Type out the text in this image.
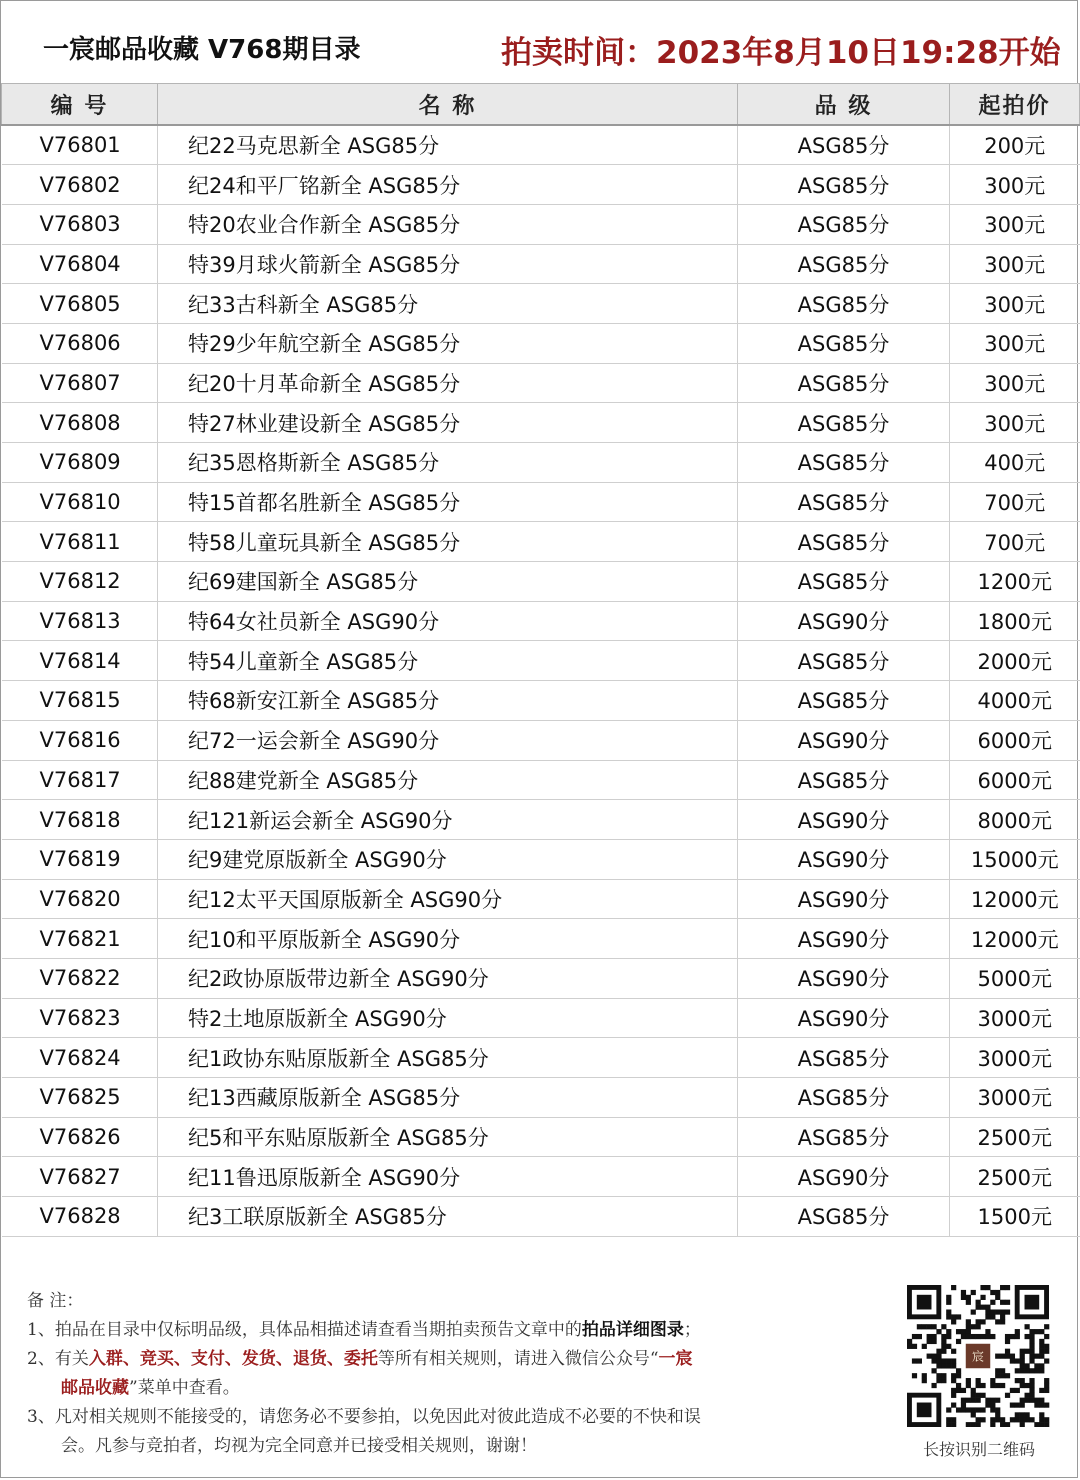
一宸邮品收藏 V768期目录	拍卖时间：2023年8月10日19:28开始
编 号	名 称	品 级	起拍价
V76801	纪22马克思新全 ASG85分	ASG85分	200元
V76802	纪24和平厂铭新全 ASG85分	ASG85分	300元
V76803	特20农业合作新全 ASG85分	ASG85分	300元
V76804	特39月球火箭新全 ASG85分	ASG85分	300元
V76805	纪33古科新全 ASG85分	ASG85分	300元
V76806	特29少年航空新全 ASG85分	ASG85分	300元
V76807	纪20十月革命新全 ASG85分	ASG85分	300元
V76808	特27林业建设新全 ASG85分	ASG85分	300元
V76809	纪35恩格斯新全 ASG85分	ASG85分	400元
V76810	特15首都名胜新全 ASG85分	ASG85分	700元
V76811	特58儿童玩具新全 ASG85分	ASG85分	700元
V76812	纪69建国新全 ASG85分	ASG85分	1200元
V76813	特64女社员新全 ASG90分	ASG90分	1800元
V76814	特54儿童新全 ASG85分	ASG85分	2000元
V76815	特68新安江新全 ASG85分	ASG85分	4000元
V76816	纪72一运会新全 ASG90分	ASG90分	6000元
V76817	纪88建党新全 ASG85分	ASG85分	6000元
V76818	纪121新运会新全 ASG90分	ASG90分	8000元
V76819	纪9建党原版新全 ASG90分	ASG90分	15000元
V76820	纪12太平天国原版新全 ASG90分	ASG90分	12000元
V76821	纪10和平原版新全 ASG90分	ASG90分	12000元
V76822	纪2政协原版带边新全 ASG90分	ASG90分	5000元
V76823	特2土地原版新全 ASG90分	ASG90分	3000元
V76824	纪1政协东贴原版新全 ASG85分	ASG85分	3000元
V76825	纪13西藏原版新全 ASG85分	ASG85分	3000元
V76826	纪5和平东贴原版新全 ASG85分	ASG85分	2500元
V76827	纪11鲁迅原版新全 ASG90分	ASG90分	2500元
V76828	纪3工联原版新全 ASG85分	ASG85分	1500元
备 注：
1、拍品在目录中仅标明品级，具体品相描述请查看当期拍卖预告文章中的拍品详细图录；
2、有关入群、竞买、支付、发货、退货、委托等所有相关规则，请进入微信公众号“一宸
邮品收藏”菜单中查看。
3、凡对相关规则不能接受的，请您务必不要参拍，以免因此对彼此造成不必要的不快和误
会。凡参与竞拍者，均视为完全同意并已接受相关规则，谢谢！
宸
长按识别二维码
